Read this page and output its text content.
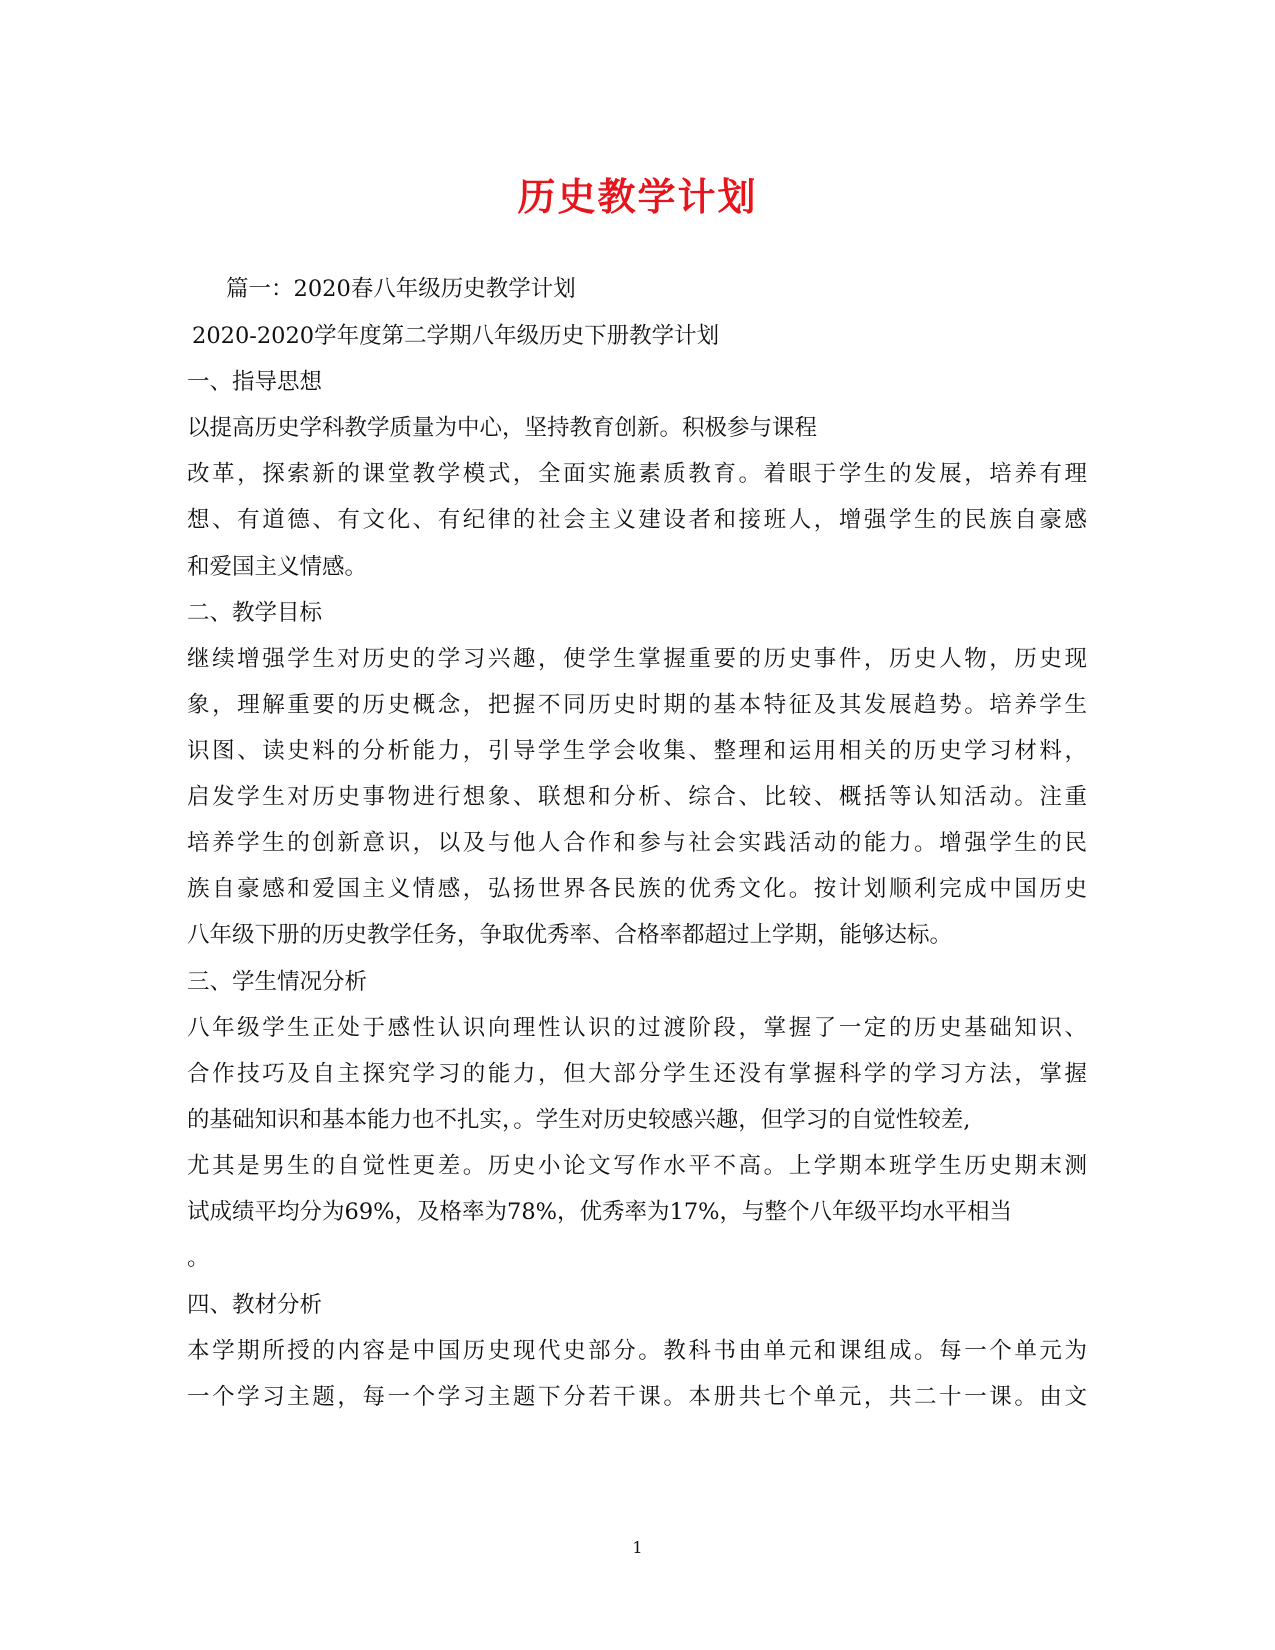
历史教学计划
篇一：2020春八年级历史教学计划
2020-2020学年度第二学期八年级历史下册教学计划
一、指导思想
以提高历史学科教学质量为中心，坚持教育创新。积极参与课程
改革，探索新的课堂教学模式，全面实施素质教育。着眼于学生的发展，培养有理
想、有道德、有文化、有纪律的社会主义建设者和接班人，增强学生的民族自豪感
和爱国主义情感。
二、教学目标
继续增强学生对历史的学习兴趣，使学生掌握重要的历史事件，历史人物，历史现
象，理解重要的历史概念，把握不同历史时期的基本特征及其发展趋势。培养学生
识图、读史料的分析能力，引导学生学会收集、整理和运用相关的历史学习材料，
启发学生对历史事物进行想象、联想和分析、综合、比较、概括等认知活动。注重
培养学生的创新意识，以及与他人合作和参与社会实践活动的能力。增强学生的民
族自豪感和爱国主义情感，弘扬世界各民族的优秀文化。按计划顺利完成中国历史
八年级下册的历史教学任务，争取优秀率、合格率都超过上学期，能够达标。
三、学生情况分析
八年级学生正处于感性认识向理性认识的过渡阶段，掌握了一定的历史基础知识、
合作技巧及自主探究学习的能力，但大部分学生还没有掌握科学的学习方法，掌握
的基础知识和基本能力也不扎实，。学生对历史较感兴趣，但学习的自觉性较差,
尤其是男生的自觉性更差。历史小论文写作水平不高。上学期本班学生历史期末测
试成绩平均分为69%，及格率为78%，优秀率为17%，与整个八年级平均水平相当
。
四、教材分析
本学期所授的内容是中国历史现代史部分。教科书由单元和课组成。每一个单元为
一个学习主题，每一个学习主题下分若干课。本册共七个单元，共二十一课。由文
1
